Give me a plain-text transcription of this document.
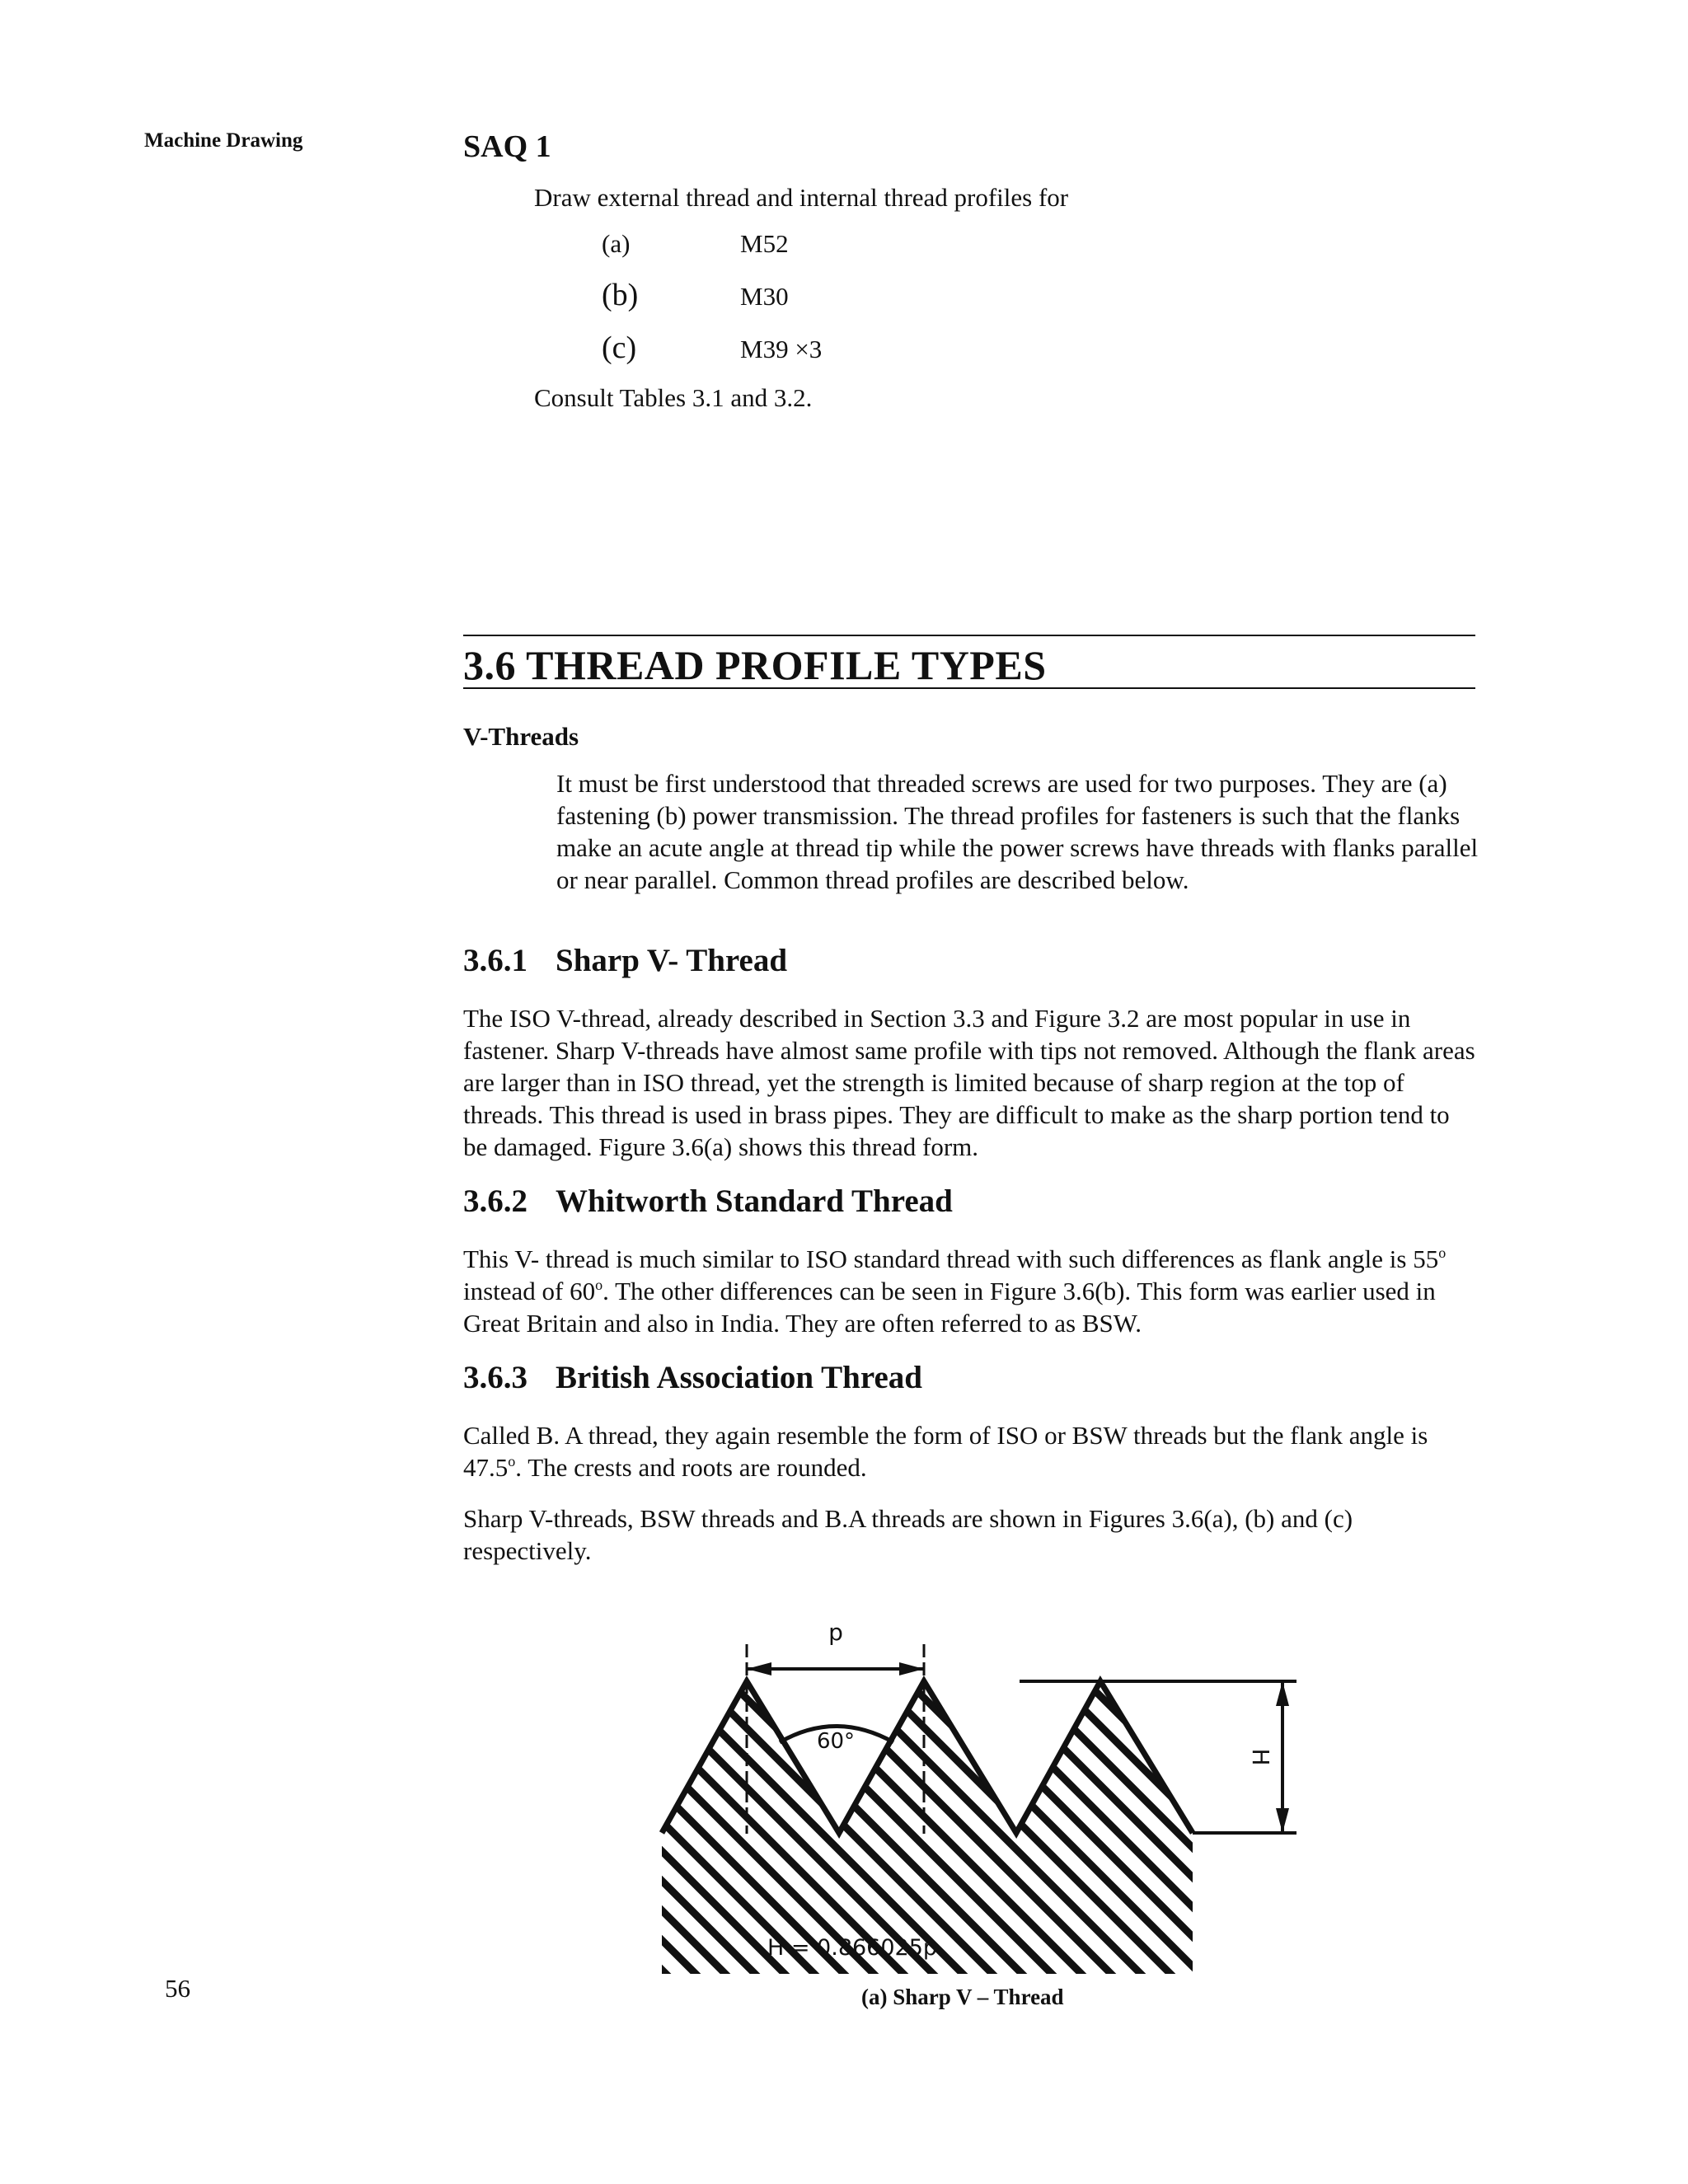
Machine Drawing	SAQ 1
Draw external thread and internal thread profiles for
(a)	M52
(b)	M30
(c)	M39 ×3
Consult Tables 3.1 and 3.2.
3.6 THREAD PROFILE TYPES
V-Threads
It must be first understood that threaded screws are used for two purposes. They are (a) fastening (b) power transmission. The thread profiles for fasteners is such that the flanks make an acute angle at thread tip while the power screws have threads with flanks parallel or near parallel. Common thread profiles are described below.
3.6.1 Sharp V- Thread
The ISO V-thread, already described in Section 3.3 and Figure 3.2 are most popular in use in fastener. Sharp V-threads have almost same profile with tips not removed. Although the flank areas are larger than in ISO thread, yet the strength is limited because of sharp region at the top of threads. This thread is used in brass pipes. They are difficult to make as the sharp portion tend to be damaged. Figure 3.6(a) shows this thread form.
3.6.2 Whitworth Standard Thread
This V- thread is much similar to ISO standard thread with such differences as flank angle is 55$^o$ instead of 60$^o$. The other differences can be seen in Figure 3.6(b). This form was earlier used in Great Britain and also in India. They are often referred to as BSW.
3.6.3 British Association Thread
Called B. A thread, they again resemble the form of ISO or BSW threads but the flank angle is 47.5$^o$. The crests and roots are rounded.
Sharp V-threads, BSW threads and B.A threads are shown in Figures 3.6(a), (b) and (c) respectively.
p
60°
H
H = 0.866025p
56	(a) Sharp V – Thread
